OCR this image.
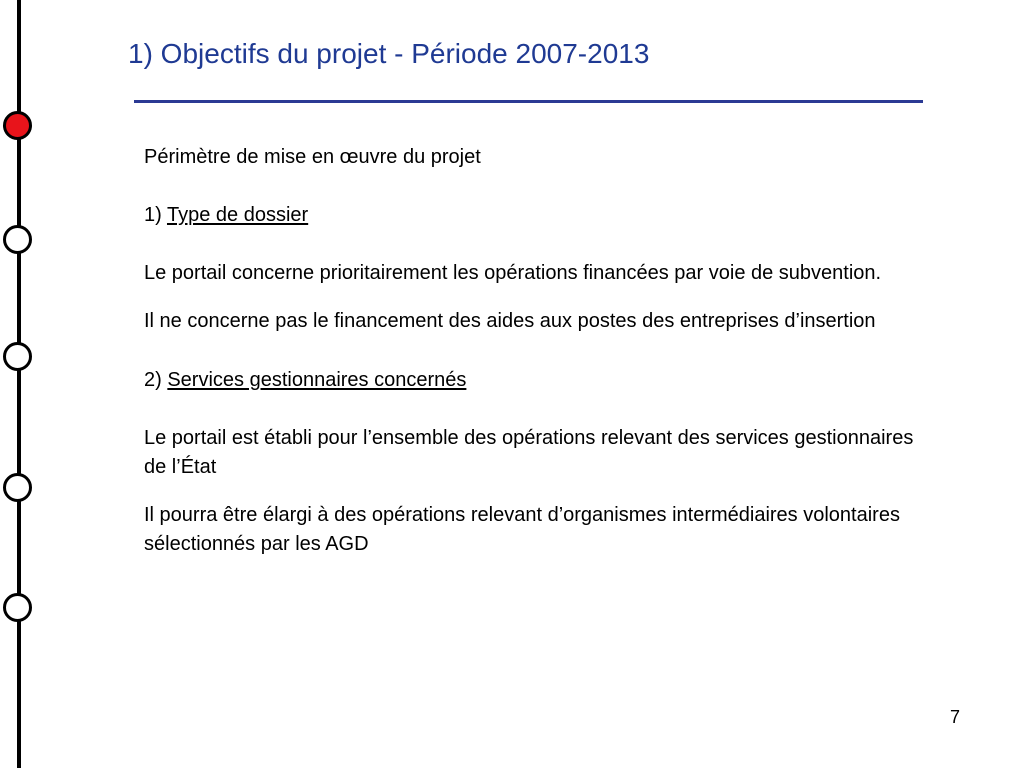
1) Objectifs du projet - Période 2007-2013

Périmètre de mise en œuvre du projet

1) Type de dossier

Le portail concerne prioritairement les opérations financées par voie de subvention.

Il ne concerne pas le financement des aides aux postes des entreprises d’insertion

2) Services gestionnaires concernés

Le portail est établi pour l’ensemble des opérations relevant des services gestionnaires de l’État

Il pourra être élargi à des opérations relevant d’organismes intermédiaires volontaires sélectionnés par les AGD

7
